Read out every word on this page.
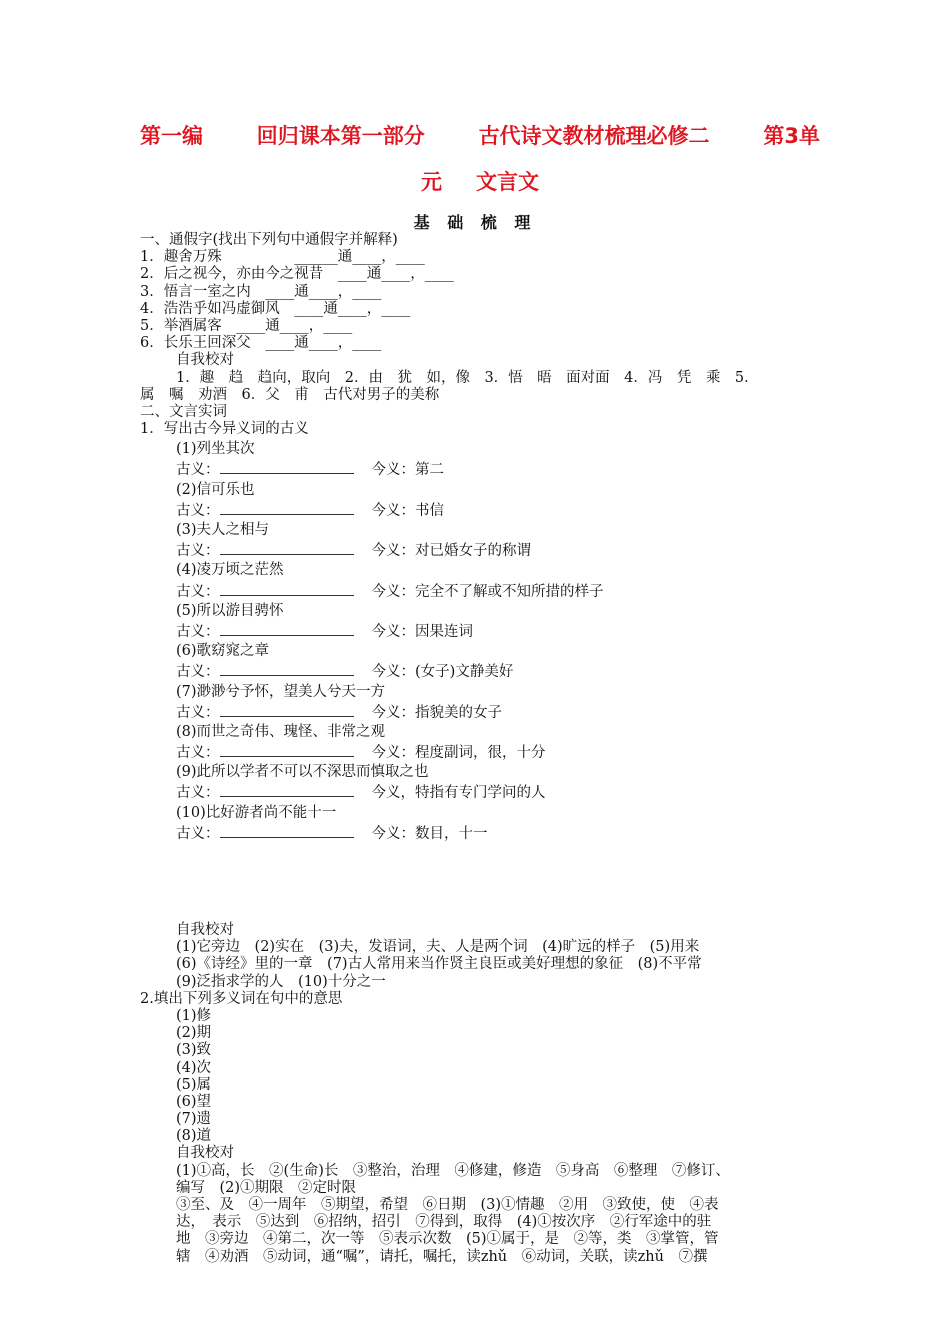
第一编	回归课本第一部分	古代诗文教材梳理必修二	第3单
元 文言文
基 础 梳 理
一、通假字(找出下列句中通假字并解释)
1．趣舍万殊　　　　　______通____，____
2．后之视今，亦由今之视昔　____通____，____
3．悟言一室之内　____通____，____
4．浩浩乎如冯虚御风　____通____，____
5．举酒属客　____通____，____
6．长乐王回深父　____通____，____
自我校对
1．趣　趋　趋向，取向　2．由　犹　如，像　3．悟　晤　面对面　4．冯　凭　乘　5．
属　嘱　劝酒　6．父　甫　古代对男子的美称
二、文言实词
1．写出古今异义词的古义
(1)列坐其次
古义：	今义：第二
(2)信可乐也
古义：	今义：书信
(3)夫人之相与
古义：	今义：对已婚女子的称谓
(4)凌万顷之茫然
古义：	今义：完全不了解或不知所措的样子
(5)所以游目骋怀
古义：	今义：因果连词
(6)歌窈窕之章
古义：	今义：(女子)文静美好
(7)渺渺兮予怀，望美人兮天一方
古义：	今义：指貌美的女子
(8)而世之奇伟、瑰怪、非常之观
古义：	今义：程度副词，很，十分
(9)此所以学者不可以不深思而慎取之也
古义：	今义，特指有专门学问的人
(10)比好游者尚不能十一
古义：	今义：数目，十一
自我校对
(1)它旁边　(2)实在　(3)夫，发语词，夫、人是两个词　(4)旷远的样子　(5)用来
(6)《诗经》里的一章　(7)古人常用来当作贤主良臣或美好理想的象征　(8)不平常
(9)泛指求学的人　(10)十分之一
2.填出下列多义词在句中的意思
(1)修
(2)期
(3)致
(4)次
(5)属
(6)望
(7)遗
(8)道
自我校对
(1)①高，长　②(生命)长　③整治，治理　④修建，修造　⑤身高　⑥整理　⑦修订、
编写　(2)①期限　②定时限
③至、及　④一周年　⑤期望，希望　⑥日期　(3)①情趣　②用　③致使，使　④表
达，　表示　⑤达到　⑥招纳，招引　⑦得到，取得　(4)①按次序　②行军途中的驻
地　③旁边　④第二，次一等　⑤表示次数　(5)①属于，是　②等，类　③掌管，管
辖　④劝酒　⑤动词，通“嘱”，请托，嘱托，读zhǔ　⑥动词，关联，读zhǔ　⑦撰
